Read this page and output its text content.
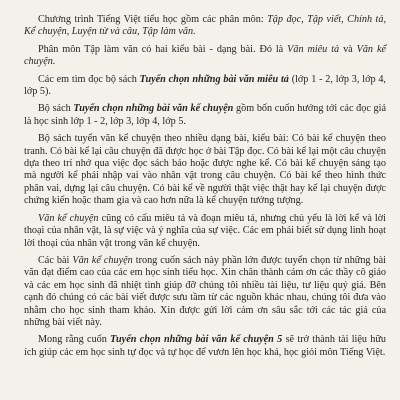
Chương trình Tiếng Việt tiểu học gồm các phân môn: Tập đọc, Tập viết, Chính tả, Kể chuyện, Luyện từ và câu, Tập làm văn.

Phân môn Tập làm văn có hai kiểu bài - dạng bài. Đó là Văn miêu tả và Văn kể chuyện.

Các em tìm đọc bộ sách Tuyển chọn những bài văn miêu tả (lớp 1 - 2, lớp 3, lớp 4, lớp 5).

Bộ sách Tuyển chọn những bài văn kể chuyện gồm bốn cuốn hướng tới các đọc giả là học sinh lớp 1 - 2, lớp 3, lớp 4, lớp 5.

Bộ sách tuyển văn kể chuyện theo nhiều dạng bài, kiểu bài: Có bài kể chuyện theo tranh. Có bài kể lại câu chuyện đã được học ở bài Tập đọc. Có bài kể lại một câu chuyện dựa theo trí nhớ qua việc đọc sách báo hoặc được nghe kể. Có bài kể chuyện sáng tạo mà người kể phải nhập vai vào nhân vật trong câu chuyện. Có bài kể theo hình thức phân vai, dựng lại câu chuyện. Có bài kể về người thật việc thật hay kể lại chuyện được chứng kiến hoặc tham gia và cao hơn nữa là kể chuyện tưởng tượng.

Văn kể chuyện cũng có cấu miêu tả và đoạn miêu tả, nhưng chủ yếu là lời kể và lời thoại của nhân vật, là sự việc và ý nghĩa của sự việc. Các em phải biết sử dụng linh hoạt lời thoại của nhân vật trong văn kể chuyện.

Các bài Văn kể chuyện trong cuốn sách này phần lớn được tuyển chọn từ những bài văn đạt điểm cao của các em học sinh tiểu học. Xin chân thành cảm ơn các thầy cô giáo và các em học sinh đã nhiệt tình giúp đỡ chúng tôi nhiều tài liệu, tư liệu quý giá. Bên cạnh đó chúng có các bài viết được sưu tầm từ các nguồn khác nhau, chúng tôi đưa vào nhằm cho học sinh tham khảo. Xin được gửi lời cảm ơn sâu sắc tới các tác giả của những bài viết này.

Mong rằng cuốn Tuyển chọn những bài văn kể chuyện 5 sẽ trở thành tài liệu hữu ích giúp các em học sinh tự đọc và tự học để vươn lên học khá, học giỏi môn Tiếng Việt.
